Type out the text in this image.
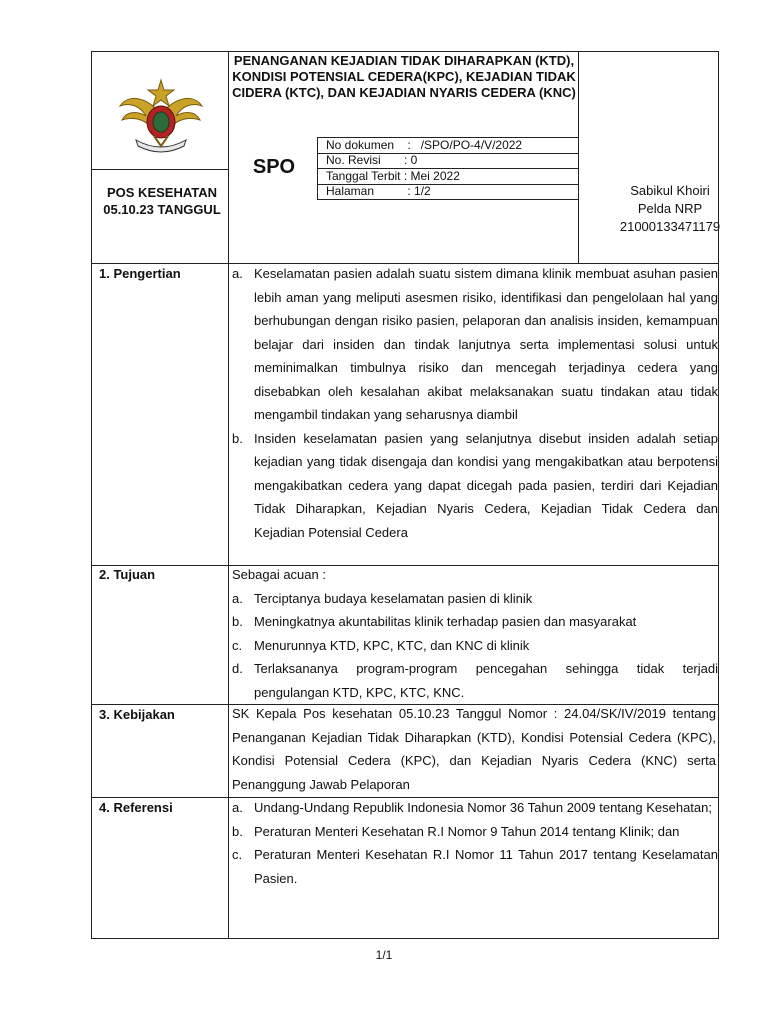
PENANGANAN KEJADIAN TIDAK DIHARAPKAN (KTD), KONDISI POTENSIAL CEDERA(KPC), KEJADIAN TIDAK CIDERA (KTC), DAN KEJADIAN NYARIS CEDERA (KNC)
SPO
No dokumen    :   /SPO/PO-4/V/2022
No. Revisi       : 0
Tanggal Terbit : Mei 2022
Halaman          : 1/2
POS KESEHATAN 05.10.23 TANGGUL
Sabikul Khoiri
Pelda NRP
21000133471179
1. Pengertian	a. Keselamatan pasien adalah suatu sistem dimana klinik membuat asuhan pasien lebih aman yang meliputi asesmen risiko, identifikasi dan pengelolaan hal yang berhubungan dengan risiko pasien, pelaporan dan analisis insiden, kemampuan belajar dari insiden dan tindak lanjutnya serta implementasi solusi untuk meminimalkan timbulnya risiko dan mencegah terjadinya cedera yang disebabkan oleh kesalahan akibat melaksanakan suatu tindakan atau tidak mengambil tindakan yang seharusnya diambil
b. Insiden keselamatan pasien yang selanjutnya disebut insiden adalah setiap kejadian yang tidak disengaja dan kondisi yang mengakibatkan atau berpotensi mengakibatkan cedera yang dapat dicegah pada pasien, terdiri dari Kejadian Tidak Diharapkan, Kejadian Nyaris Cedera, Kejadian Tidak Cedera dan Kejadian Potensial Cedera
2. Tujuan	Sebagai acuan :

a. Terciptanya budaya keselamatan pasien di klinik
b. Meningkatnya akuntabilitas klinik terhadap pasien dan masyarakat
c. Menurunnya KTD, KPC, KTC, dan KNC di klinik
d. Terlaksananya program-program pencegahan sehingga tidak terjadi pengulangan KTD, KPC, KTC, KNC.
3. Kebijakan	SK Kepala Pos kesehatan 05.10.23 Tanggul Nomor : 24.04/SK/IV/2019 tentang Penanganan Kejadian Tidak Diharapkan (KTD), Kondisi Potensial Cedera (KPC), Kondisi Potensial Cedera (KPC), dan Kejadian Nyaris Cedera (KNC) serta Penanggung Jawab Pelaporan
4. Referensi	a. Undang-Undang Republik Indonesia Nomor 36 Tahun 2009 tentang Kesehatan;
b. Peraturan Menteri Kesehatan R.I Nomor 9 Tahun 2014 tentang Klinik; dan
c. Peraturan Menteri Kesehatan R.I Nomor 11 Tahun 2017 tentang Keselamatan Pasien.
1/1
